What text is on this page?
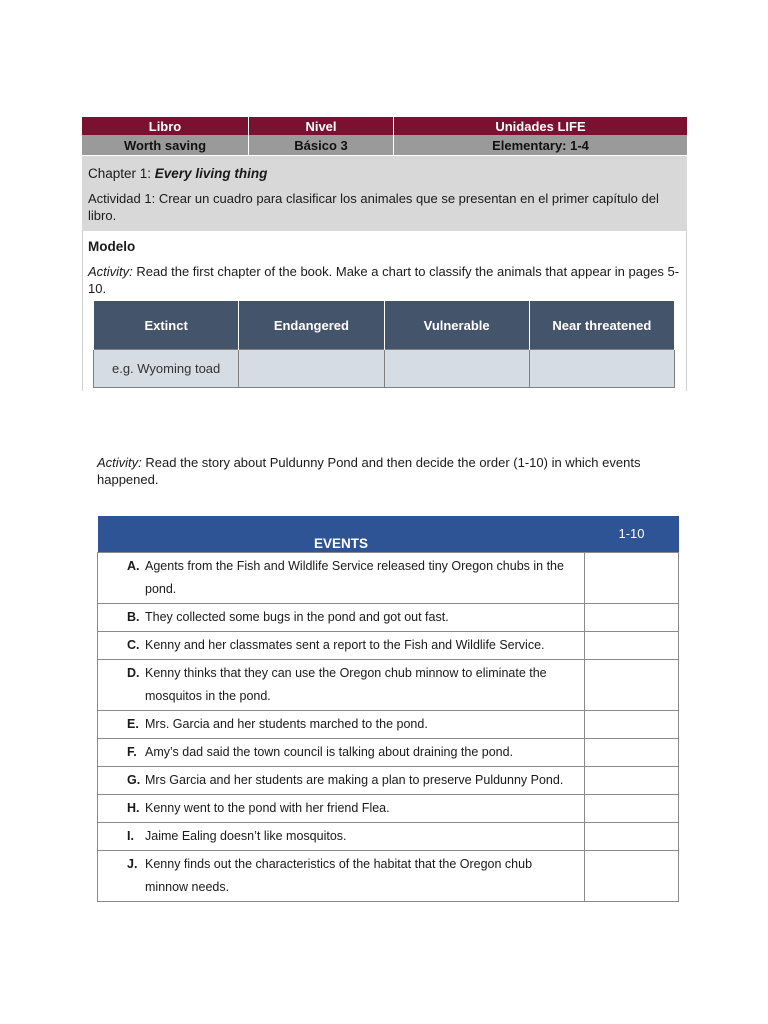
Libro	Nivel	Unidades LIFE
Worth saving	Básico 3	Elementary: 1-4
Chapter 1: Every living thing
Actividad 1: Crear un cuadro para clasificar los animales que se presentan en el primer capítulo del libro.
Modelo
Activity: Read the first chapter of the book. Make a chart to classify the animals that appear in pages 5-10.
Extinct	Endangered	Vulnerable	Near threatened
e.g. Wyoming toad			
Activity: Read the story about Puldunny Pond and then decide the order (1-10) in which events happened.
EVENTS	1-10

A. Agents from the Fish and Wildlife Service released tiny Oregon chubs in the pond.	

B. They collected some bugs in the pond and got out fast.	

C. Kenny and her classmates sent a report to the Fish and Wildlife Service.	

D. Kenny thinks that they can use the Oregon chub minnow to eliminate the mosquitos in the pond.	

E. Mrs. Garcia and her students marched to the pond.	

F. Amy’s dad said the town council is talking about draining the pond.	

G. Mrs Garcia and her students are making a plan to preserve Puldunny Pond.	

H. Kenny went to the pond with her friend Flea.	

I. Jaime Ealing doesn’t like mosquitos.	

J. Kenny finds out the characteristics of the habitat that the Oregon chub minnow needs.	
